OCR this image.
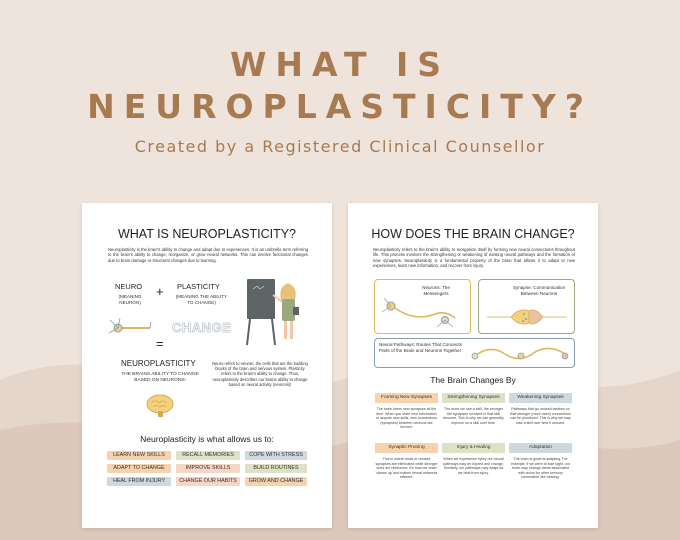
WHAT IS
NEUROPLASTICITY?
Created by a Registered Clinical Counsellor
WHAT IS NEUROPLASTICITY?
Neuroplasticity is the brain's ability to change and adapt due to experiences. It is an umbrella term referring to the brain's ability to change, reorganize, or grow neural networks. This can involve functional changes due to brain damage or structural changes due to learning.
NEURO
(MEANING NEURON)
+ PLASTICITY
(MEANING THE ABILITY TO CHANGE)
CHANGE
=
NEUROPLASTICITY
THE BRAINS ABILITY TO CHANGE BASED ON NEURONS!
Neuro refers to neuron, the cells that are the building blocks of the brain and nervous system. Plasticity refers to the brain's ability to change. Thus, neuroplasticity describes our brains ability to change based on neural activity (neurons)!
Neuroplasticity is what allows us to:
LEARN NEW SKILLS	RECALL MEMORIES	COPE WITH STRESS
ADAPT TO CHANGE	IMPROVE SKILLS	BUILD ROUTINES
HEAL FROM INJURY	CHANGE OUR HABITS	GROW AND CHANGE
HOW DOES THE BRAIN CHANGE?
Neuroplasticity refers to the brain's ability to reorganize itself by forming new neural connections throughout life. This process involves the strengthening or weakening of existing neural pathways and the formation of new synapses. Neuroplasticity is a fundamental property of the brain that allows it to adapt to new experiences, learn new information, and recover from injury.
Neurons: The Messengers
Synapse: Communication Between Neurons
Neural Pathways: Routes That Connects Parts of the Brain and Neurons Together
The Brain Changes By
Forming New Synapses	Strengthening Synapses	Weakening Synapses
The brain forms new synapses all the time. When you learn new information or acquire new skills, new connections (synapses) between neurons are formed.
The more we use a skill, the stronger the synapses involved in that skill become. This is why we can generally improve on a skill over time.
Pathways that go unused weaken so that stronger (more used) connections can be prioritized. This is why we may lose a skill over time if unused.
Synaptic Pruning	Injury & Healing	Adaptation
This is where weak or unused synapses are eliminated while stronger ones are reinforced. It's how our brain 'cleans up' and makes neural networks efficient.
When we experience injury our neural pathways may be injured and change. Similarly, our pathways may adapt as we heal from injury.
The brain is great at adapting. For example, if we were to lose sight, our brain may change areas associated with vision for other sensory information like hearing.
